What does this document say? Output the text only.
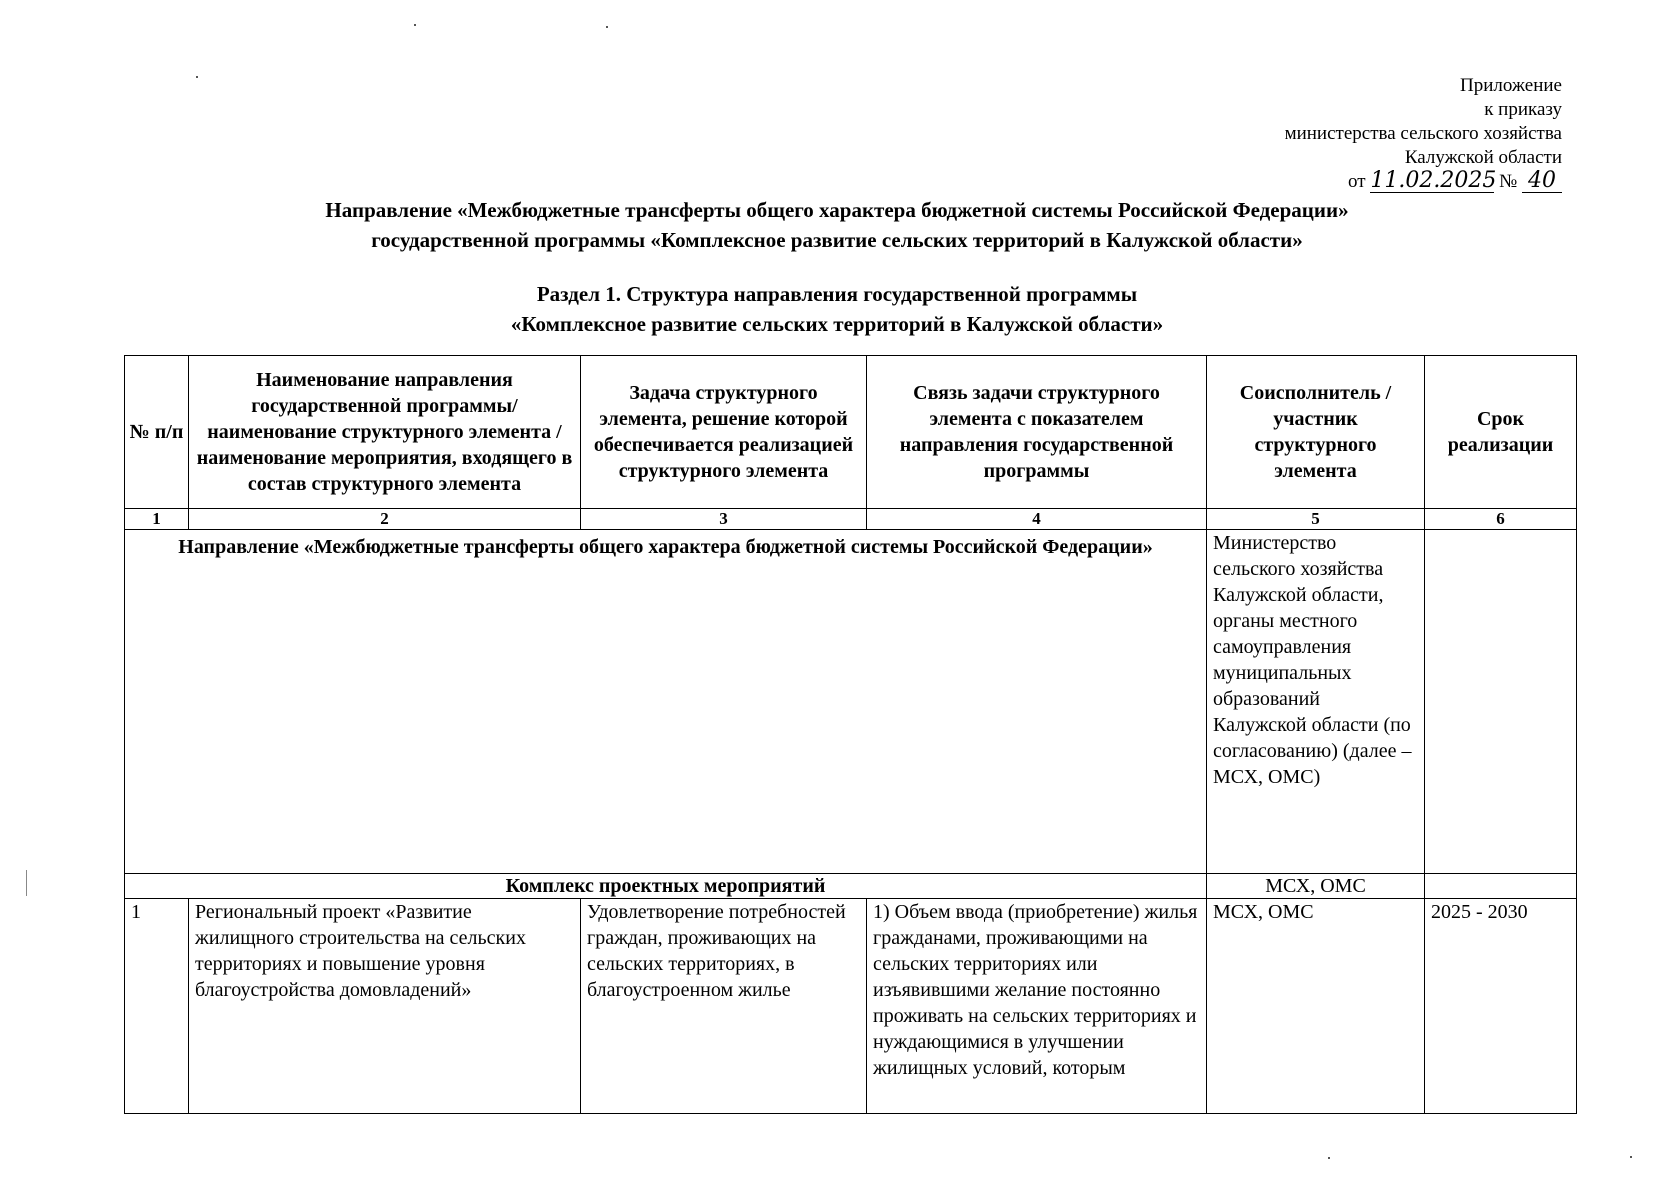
Приложение
к приказу
министерства сельского хозяйства
Калужской области
от 11.02.2025 № 40
Направление «Межбюджетные трансферты общего характера бюджетной системы Российской Федерации»
государственной программы «Комплексное развитие сельских территорий в Калужской области»
Раздел 1. Структура направления государственной программы
«Комплексное развитие сельских территорий в Калужской области»
№ п/п	Наименование направления государственной программы/ наименование структурного элемента / наименование мероприятия, входящего в состав структурного элемента	Задача структурного элемента, решение которой обеспечивается реализацией структурного элемента	Связь задачи структурного элемента с показателем направления государственной программы	Соисполнитель / участник структурного элемента	Срок реализации
1	2	3	4	5	6
Направление «Межбюджетные трансферты общего характера бюджетной системы Российской Федерации»				Министерство сельского хозяйства Калужской области, органы местного самоуправления муниципальных образований Калужской области (по согласованию) (далее – МСХ, ОМС)	
Комплекс проектных мероприятий				МСХ, ОМС	
1	Региональный проект «Развитие жилищного строительства на сельских территориях и повышение уровня благоустройства домовладений»	Удовлетворение потребностей граждан, проживающих на сельских территориях, в благоустроенном жилье	1) Объем ввода (приобретение) жилья гражданами, проживающими на сельских территориях или изъявившими желание постоянно проживать на сельских территориях и нуждающимися в улучшении жилищных условий, которым	МСХ, ОМС	2025 - 2030
